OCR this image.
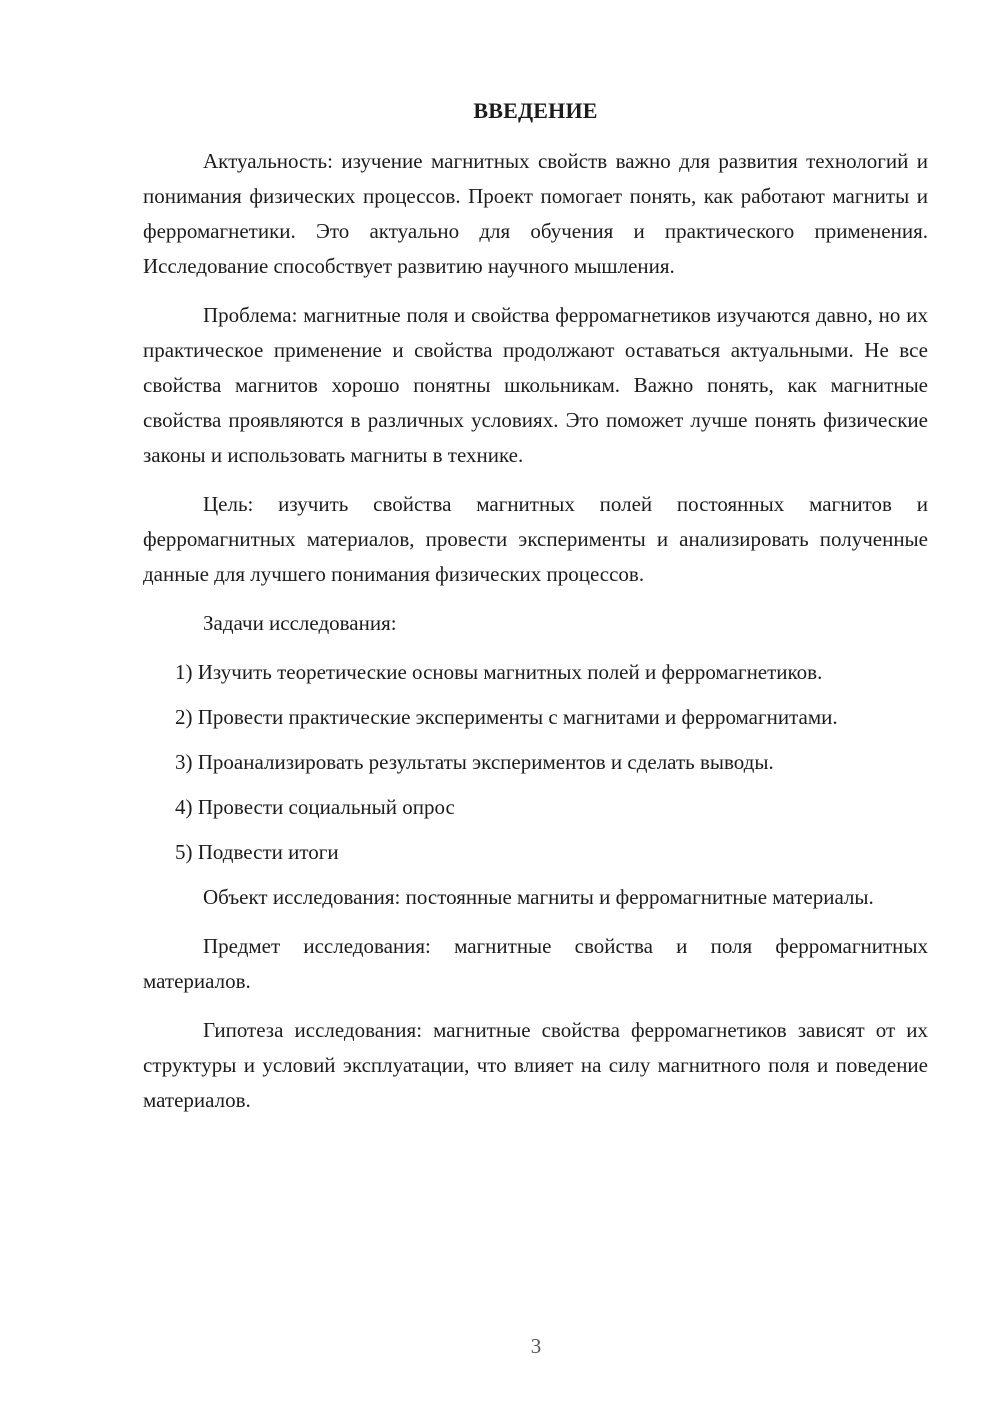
ВВЕДЕНИЕ

Актуальность: изучение магнитных свойств важно для развития технологий и понимания физических процессов. Проект помогает понять, как работают магниты и ферромагнетики. Это актуально для обучения и практического применения. Исследование способствует развитию научного мышления.

Проблема: магнитные поля и свойства ферромагнетиков изучаются давно, но их практическое применение и свойства продолжают оставаться актуальными. Не все свойства магнитов хорошо понятны школьникам. Важно понять, как магнитные свойства проявляются в различных условиях. Это поможет лучше понять физические законы и использовать магниты в технике.

Цель: изучить свойства магнитных полей постоянных магнитов и ферромагнитных материалов, провести эксперименты и анализировать полученные данные для лучшего понимания физических процессов.

Задачи исследования:

1) Изучить теоретические основы магнитных полей и ферромагнетиков.

2) Провести практические эксперименты с магнитами и ферромагнитами.

3) Проанализировать результаты экспериментов и сделать выводы.

4) Провести социальный опрос

5) Подвести итоги

Объект исследования: постоянные магниты и ферромагнитные материалы.

Предмет исследования: магнитные свойства и поля ферромагнитных материалов.

Гипотеза исследования: магнитные свойства ферромагнетиков зависят от их структуры и условий эксплуатации, что влияет на силу магнитного поля и поведение материалов.

3
